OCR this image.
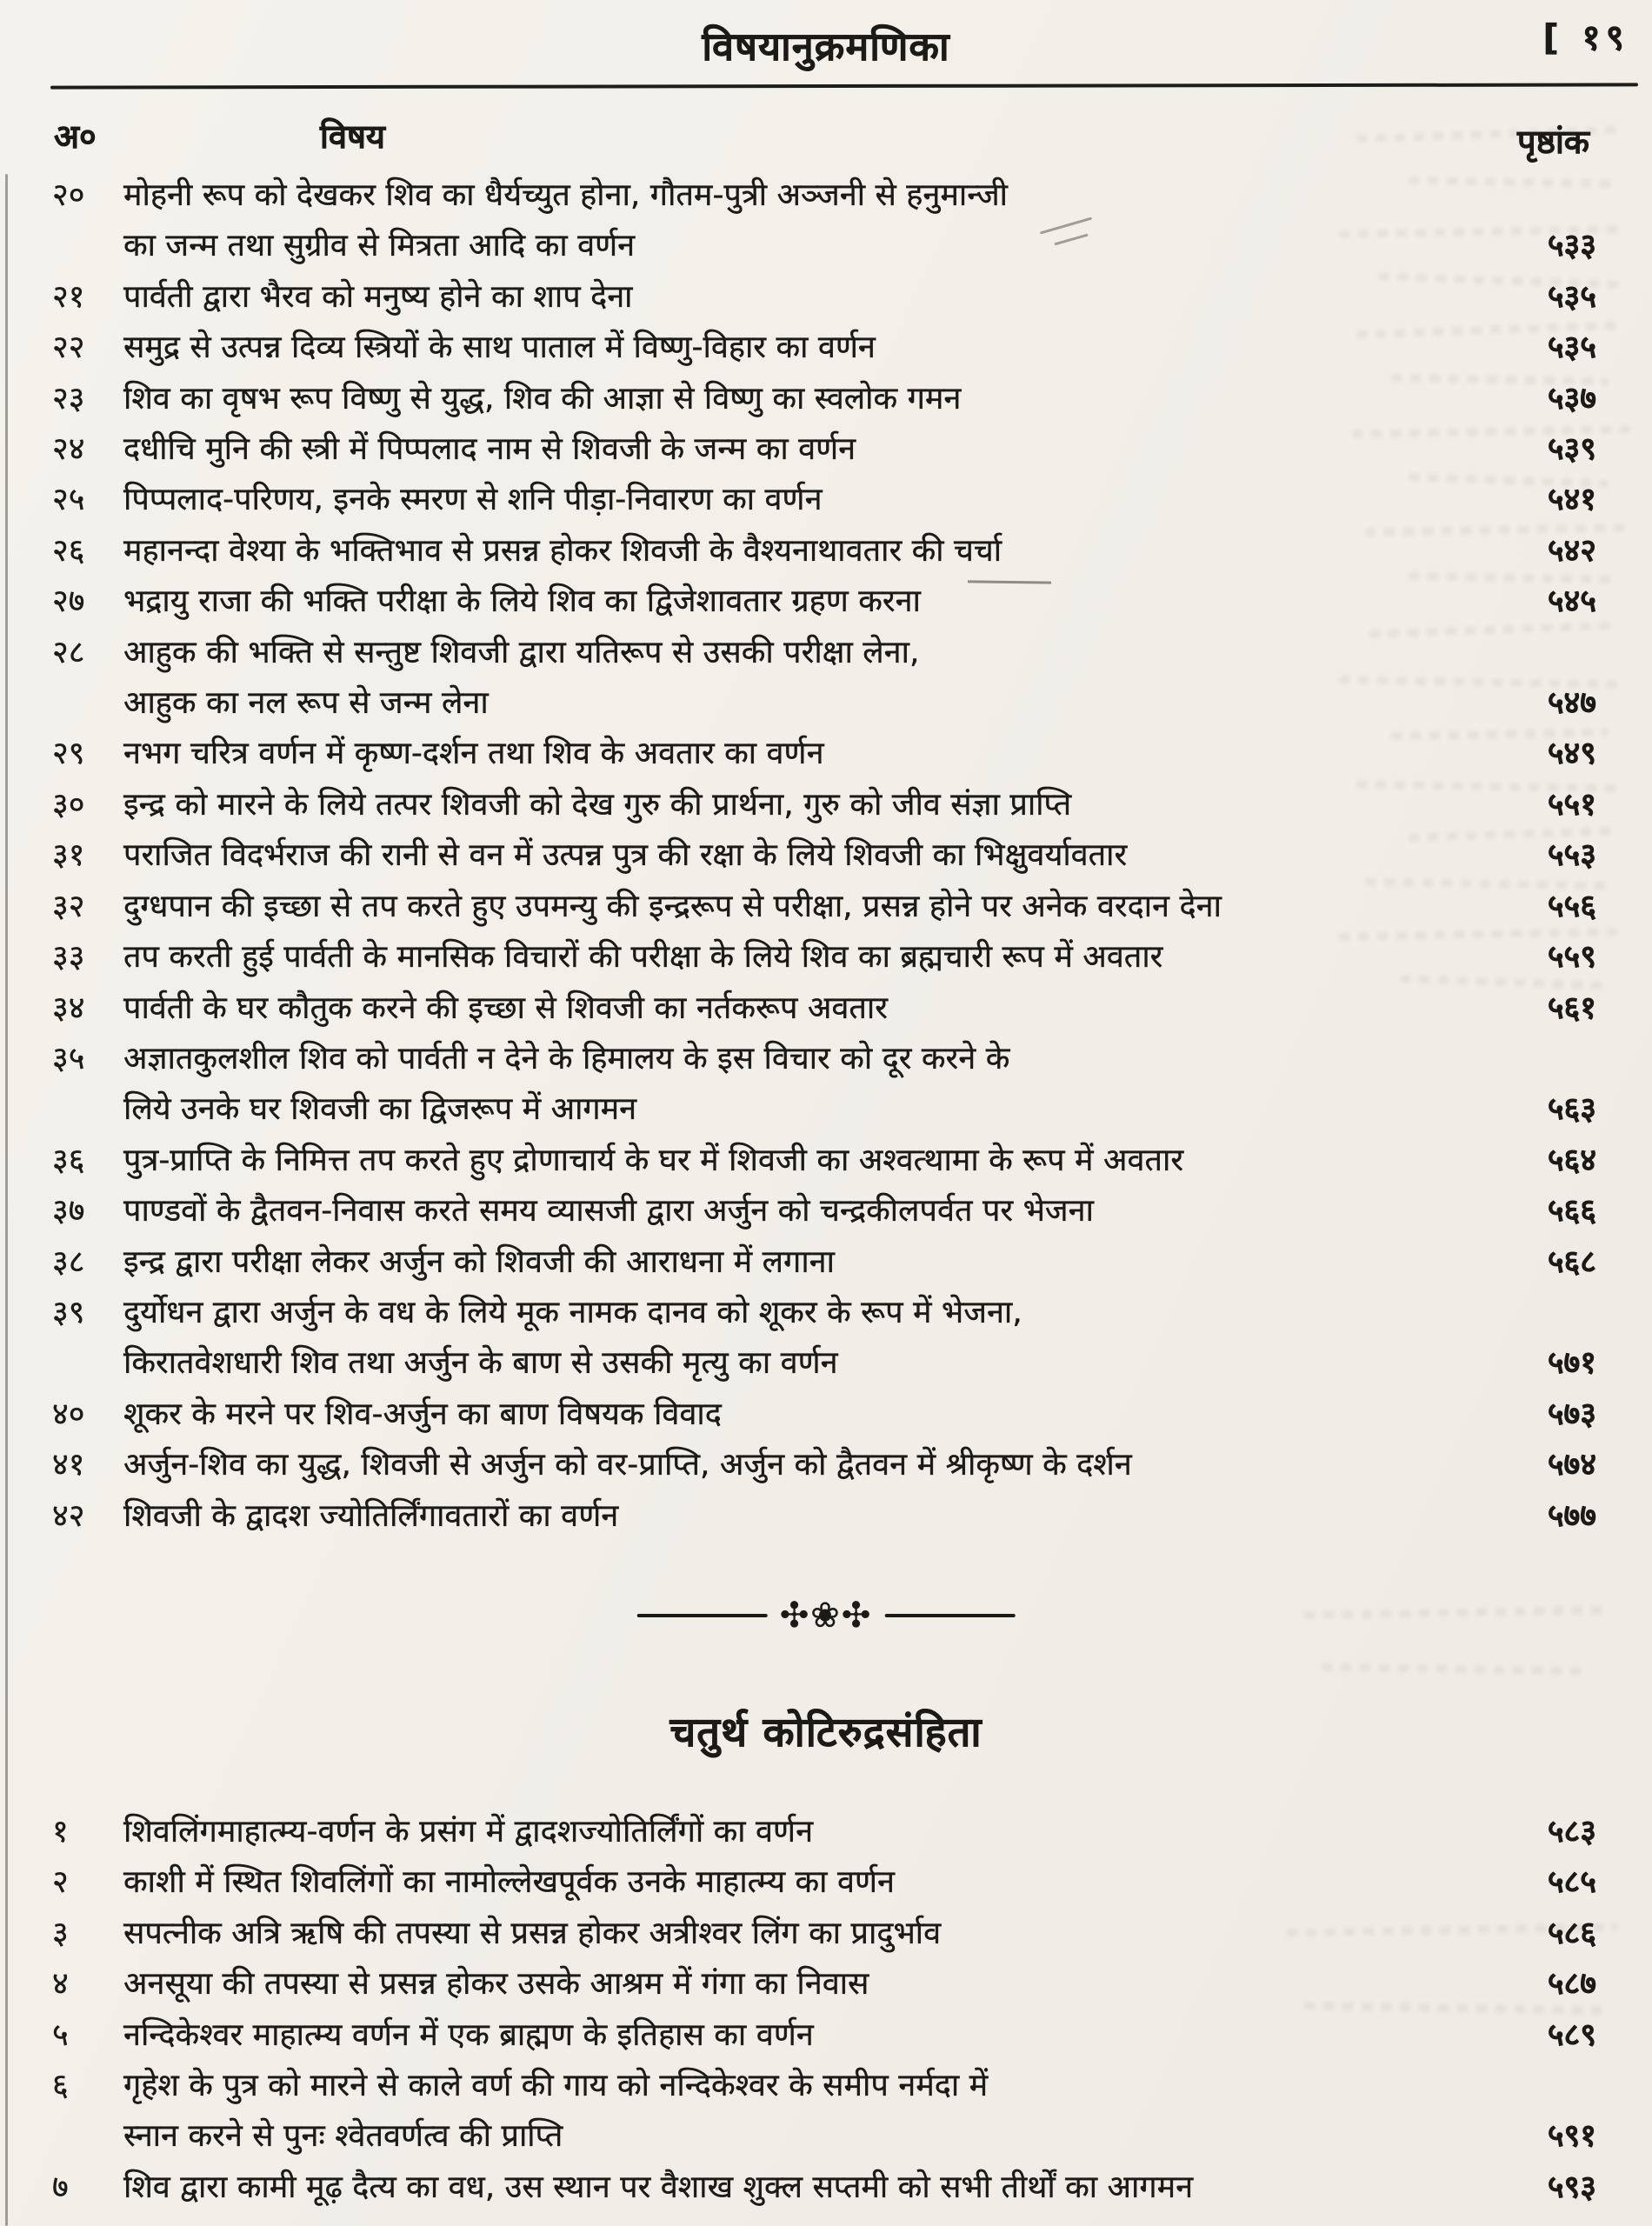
विषयानुक्रमणिका	[ १९
अ०	विषय	पृष्ठांक
२० मोहनी रूप को देखकर शिव का धैर्यच्युत होना, गौतम-पुत्री अञ्जनी से हनुमान्जी
का जन्म तथा सुग्रीव से मित्रता आदि का वर्णन	५३३
२१ पार्वती द्वारा भैरव को मनुष्य होने का शाप देना	५३५
२२ समुद्र से उत्पन्न दिव्य स्त्रियों के साथ पाताल में विष्णु-विहार का वर्णन	५३५
२३ शिव का वृषभ रूप विष्णु से युद्ध, शिव की आज्ञा से विष्णु का स्वलोक गमन	५३७
२४ दधीचि मुनि की स्त्री में पिप्पलाद नाम से शिवजी के जन्म का वर्णन	५३९
२५ पिप्पलाद-परिणय, इनके स्मरण से शनि पीड़ा-निवारण का वर्णन	५४१
२६ महानन्दा वेश्या के भक्तिभाव से प्रसन्न होकर शिवजी के वैश्यनाथावतार की चर्चा	५४२
२७ भद्रायु राजा की भक्ति परीक्षा के लिये शिव का द्विजेशावतार ग्रहण करना	५४५
२८ आहुक की भक्ति से सन्तुष्ट शिवजी द्वारा यतिरूप से उसकी परीक्षा लेना,
आहुक का नल रूप से जन्म लेना	५४७
२९ नभग चरित्र वर्णन में कृष्ण-दर्शन तथा शिव के अवतार का वर्णन	५४९
३० इन्द्र को मारने के लिये तत्पर शिवजी को देख गुरु की प्रार्थना, गुरु को जीव संज्ञा प्राप्ति	५५१
३१ पराजित विदर्भराज की रानी से वन में उत्पन्न पुत्र की रक्षा के लिये शिवजी का भिक्षुवर्यावतार	५५३
३२ दुग्धपान की इच्छा से तप करते हुए उपमन्यु की इन्द्ररूप से परीक्षा, प्रसन्न होने पर अनेक वरदान देना	५५६
३३ तप करती हुई पार्वती के मानसिक विचारों की परीक्षा के लिये शिव का ब्रह्मचारी रूप में अवतार	५५९
३४ पार्वती के घर कौतुक करने की इच्छा से शिवजी का नर्तकरूप अवतार	५६१
३५ अज्ञातकुलशील शिव को पार्वती न देने के हिमालय के इस विचार को दूर करने के
लिये उनके घर शिवजी का द्विजरूप में आगमन	५६३
३६ पुत्र-प्राप्ति के निमित्त तप करते हुए द्रोणाचार्य के घर में शिवजी का अश्वत्थामा के रूप में अवतार	५६४
३७ पाण्डवों के द्वैतवन-निवास करते समय व्यासजी द्वारा अर्जुन को चन्द्रकीलपर्वत पर भेजना	५६६
३८ इन्द्र द्वारा परीक्षा लेकर अर्जुन को शिवजी की आराधना में लगाना	५६८
३९ दुर्योधन द्वारा अर्जुन के वध के लिये मूक नामक दानव को शूकर के रूप में भेजना,
किरातवेशधारी शिव तथा अर्जुन के बाण से उसकी मृत्यु का वर्णन	५७१
४० शूकर के मरने पर शिव-अर्जुन का बाण विषयक विवाद	५७३
४१ अर्जुन-शिव का युद्ध, शिवजी से अर्जुन को वर-प्राप्ति, अर्जुन को द्वैतवन में श्रीकृष्ण के दर्शन	५७४
४२ शिवजी के द्वादश ज्योतिर्लिंगावतारों का वर्णन	५७७
✣❀✣
चतुर्थ कोटिरुद्रसंहिता
१ शिवलिंगमाहात्म्य-वर्णन के प्रसंग में द्वादशज्योतिर्लिंगों का वर्णन	५८३
२ काशी में स्थित शिवलिंगों का नामोल्लेखपूर्वक उनके माहात्म्य का वर्णन	५८५
३ सपत्नीक अत्रि ऋषि की तपस्या से प्रसन्न होकर अत्रीश्वर लिंग का प्रादुर्भाव	५८६
४ अनसूया की तपस्या से प्रसन्न होकर उसके आश्रम में गंगा का निवास	५८७
५ नन्दिकेश्वर माहात्म्य वर्णन में एक ब्राह्मण के इतिहास का वर्णन	५८९
६ गृहेश के पुत्र को मारने से काले वर्ण की गाय को नन्दिकेश्वर के समीप नर्मदा में
स्नान करने से पुनः श्वेतवर्णत्व की प्राप्ति	५९१
७ शिव द्वारा कामी मूढ़ दैत्य का वध, उस स्थान पर वैशाख शुक्ल सप्तमी को सभी तीर्थों का आगमन	५९३
